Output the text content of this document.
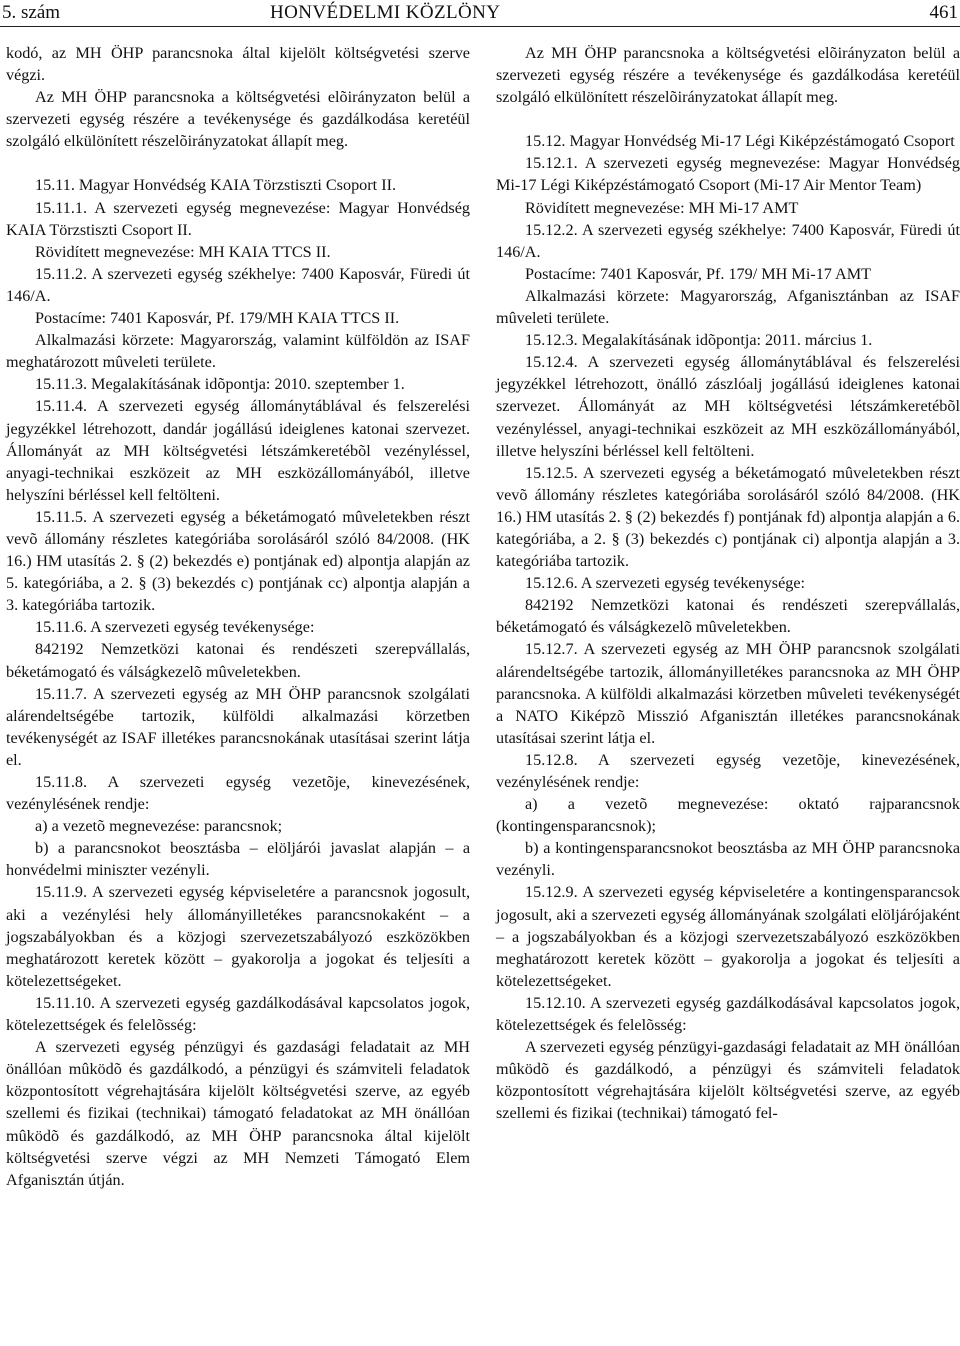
5. szám	HONVÉDELMI KÖZLÖNY	461

kodó, az MH ÖHP parancsnoka által kijelölt költségvetési szerve végzi.

Az MH ÖHP parancsnoka a költségvetési elõirányzaton belül a szervezeti egység részére a tevékenysége és gazdálkodása keretéül szolgáló elkülönített részelõirányzatokat állapít meg.

15.11. Magyar Honvédség KAIA Törzstiszti Csoport II.

15.11.1. A szervezeti egység megnevezése: Magyar Honvédség KAIA Törzstiszti Csoport II.

Rövidített megnevezése: MH KAIA TTCS II.

15.11.2. A szervezeti egység székhelye: 7400 Kaposvár, Füredi út 146/A.

Postacíme: 7401 Kaposvár, Pf. 179/MH KAIA TTCS II.

Alkalmazási körzete: Magyarország, valamint külföldön az ISAF meghatározott mûveleti területe.

15.11.3. Megalakításának idõpontja: 2010. szeptember 1.

15.11.4. A szervezeti egység állománytáblával és felszerelési jegyzékkel létrehozott, dandár jogállású ideiglenes katonai szervezet. Állományát az MH költségvetési létszámkeretébõl vezényléssel, anyagi-technikai eszközeit az MH eszközállományából, illetve helyszíni bérléssel kell feltölteni.

15.11.5. A szervezeti egység a béketámogató mûveletekben részt vevõ állomány részletes kategóriába sorolásáról szóló 84/2008. (HK 16.) HM utasítás 2. § (2) bekezdés e) pontjának ed) alpontja alapján az 5. kategóriába, a 2. § (3) bekezdés c) pontjának cc) alpontja alapján a 3. kategóriába tartozik.

15.11.6. A szervezeti egység tevékenysége:

842192 Nemzetközi katonai és rendészeti szerepvállalás, béketámogató és válságkezelõ mûveletekben.

15.11.7. A szervezeti egység az MH ÖHP parancsnok szolgálati alárendeltségébe tartozik, külföldi alkalmazási körzetben tevékenységét az ISAF illetékes parancsnokának utasításai szerint látja el.

15.11.8. A szervezeti egység vezetõje, kinevezésének, vezénylésének rendje:

a) a vezetõ megnevezése: parancsnok;

b) a parancsnokot beosztásba – elöljárói javaslat alapján – a honvédelmi miniszter vezényli.

15.11.9. A szervezeti egység képviseletére a parancsnok jogosult, aki a vezénylési hely állományilletékes parancsnokaként – a jogszabályokban és a közjogi szervezetszabályozó eszközökben meghatározott keretek között – gyakorolja a jogokat és teljesíti a kötelezettségeket.

15.11.10. A szervezeti egység gazdálkodásával kapcsolatos jogok, kötelezettségek és felelõsség:

A szervezeti egység pénzügyi és gazdasági feladatait az MH önállóan mûködõ és gazdálkodó, a pénzügyi és számviteli feladatok központosított végrehajtására kijelölt költségvetési szerve, az egyéb szellemi és fizikai (technikai) támogató feladatokat az MH önállóan mûködõ és gazdálkodó, az MH ÖHP parancsnoka által kijelölt költségvetési szerve végzi az MH Nemzeti Támogató Elem Afganisztán útján.

Az MH ÖHP parancsnoka a költségvetési elõirányzaton belül a szervezeti egység részére a tevékenysége és gazdálkodása keretéül szolgáló elkülönített részelõirányzatokat állapít meg.

15.12. Magyar Honvédség Mi-17 Légi Kiképzéstámogató Csoport

15.12.1. A szervezeti egység megnevezése: Magyar Honvédség Mi-17 Légi Kiképzéstámogató Csoport (Mi-17 Air Mentor Team)

Rövidített megnevezése: MH Mi-17 AMT

15.12.2. A szervezeti egység székhelye: 7400 Kaposvár, Füredi út 146/A.

Postacíme: 7401 Kaposvár, Pf. 179/ MH Mi-17 AMT

Alkalmazási körzete: Magyarország, Afganisztánban az ISAF mûveleti területe.

15.12.3. Megalakításának idõpontja: 2011. március 1.

15.12.4. A szervezeti egység állománytáblával és felszerelési jegyzékkel létrehozott, önálló zászlóalj jogállású ideiglenes katonai szervezet. Állományát az MH költségvetési létszámkeretébõl vezényléssel, anyagi-technikai eszközeit az MH eszközállományából, illetve helyszíni bérléssel kell feltölteni.

15.12.5. A szervezeti egység a béketámogató mûveletekben részt vevõ állomány részletes kategóriába sorolásáról szóló 84/2008. (HK 16.) HM utasítás 2. § (2) bekezdés f) pontjának fd) alpontja alapján a 6. kategóriába, a 2. § (3) bekezdés c) pontjának ci) alpontja alapján a 3. kategóriába tartozik.

15.12.6. A szervezeti egység tevékenysége:

842192 Nemzetközi katonai és rendészeti szerepvállalás, béketámogató és válságkezelõ mûveletekben.

15.12.7. A szervezeti egység az MH ÖHP parancsnok szolgálati alárendeltségébe tartozik, állományilletékes parancsnoka az MH ÖHP parancsnoka. A külföldi alkalmazási körzetben mûveleti tevékenységét a NATO Kiképzõ Misszió Afganisztán illetékes parancsnokának utasításai szerint látja el.

15.12.8. A szervezeti egység vezetõje, kinevezésének, vezénylésének rendje:

a) a vezetõ megnevezése: oktató rajparancsnok (kontingensparancsnok);

b) a kontingensparancsnokot beosztásba az MH ÖHP parancsnoka vezényli.

15.12.9. A szervezeti egység képviseletére a kontingensparancsok jogosult, aki a szervezeti egység állományának szolgálati elöljárójaként – a jogszabályokban és a közjogi szervezetszabályozó eszközökben meghatározott keretek között – gyakorolja a jogokat és teljesíti a kötelezettségeket.

15.12.10. A szervezeti egység gazdálkodásával kapcsolatos jogok, kötelezettségek és felelõsség:

A szervezeti egység pénzügyi-gazdasági feladatait az MH önállóan mûködõ és gazdálkodó, a pénzügyi és számviteli feladatok központosított végrehajtására kijelölt költségvetési szerve, az egyéb szellemi és fizikai (technikai) támogató fel-
